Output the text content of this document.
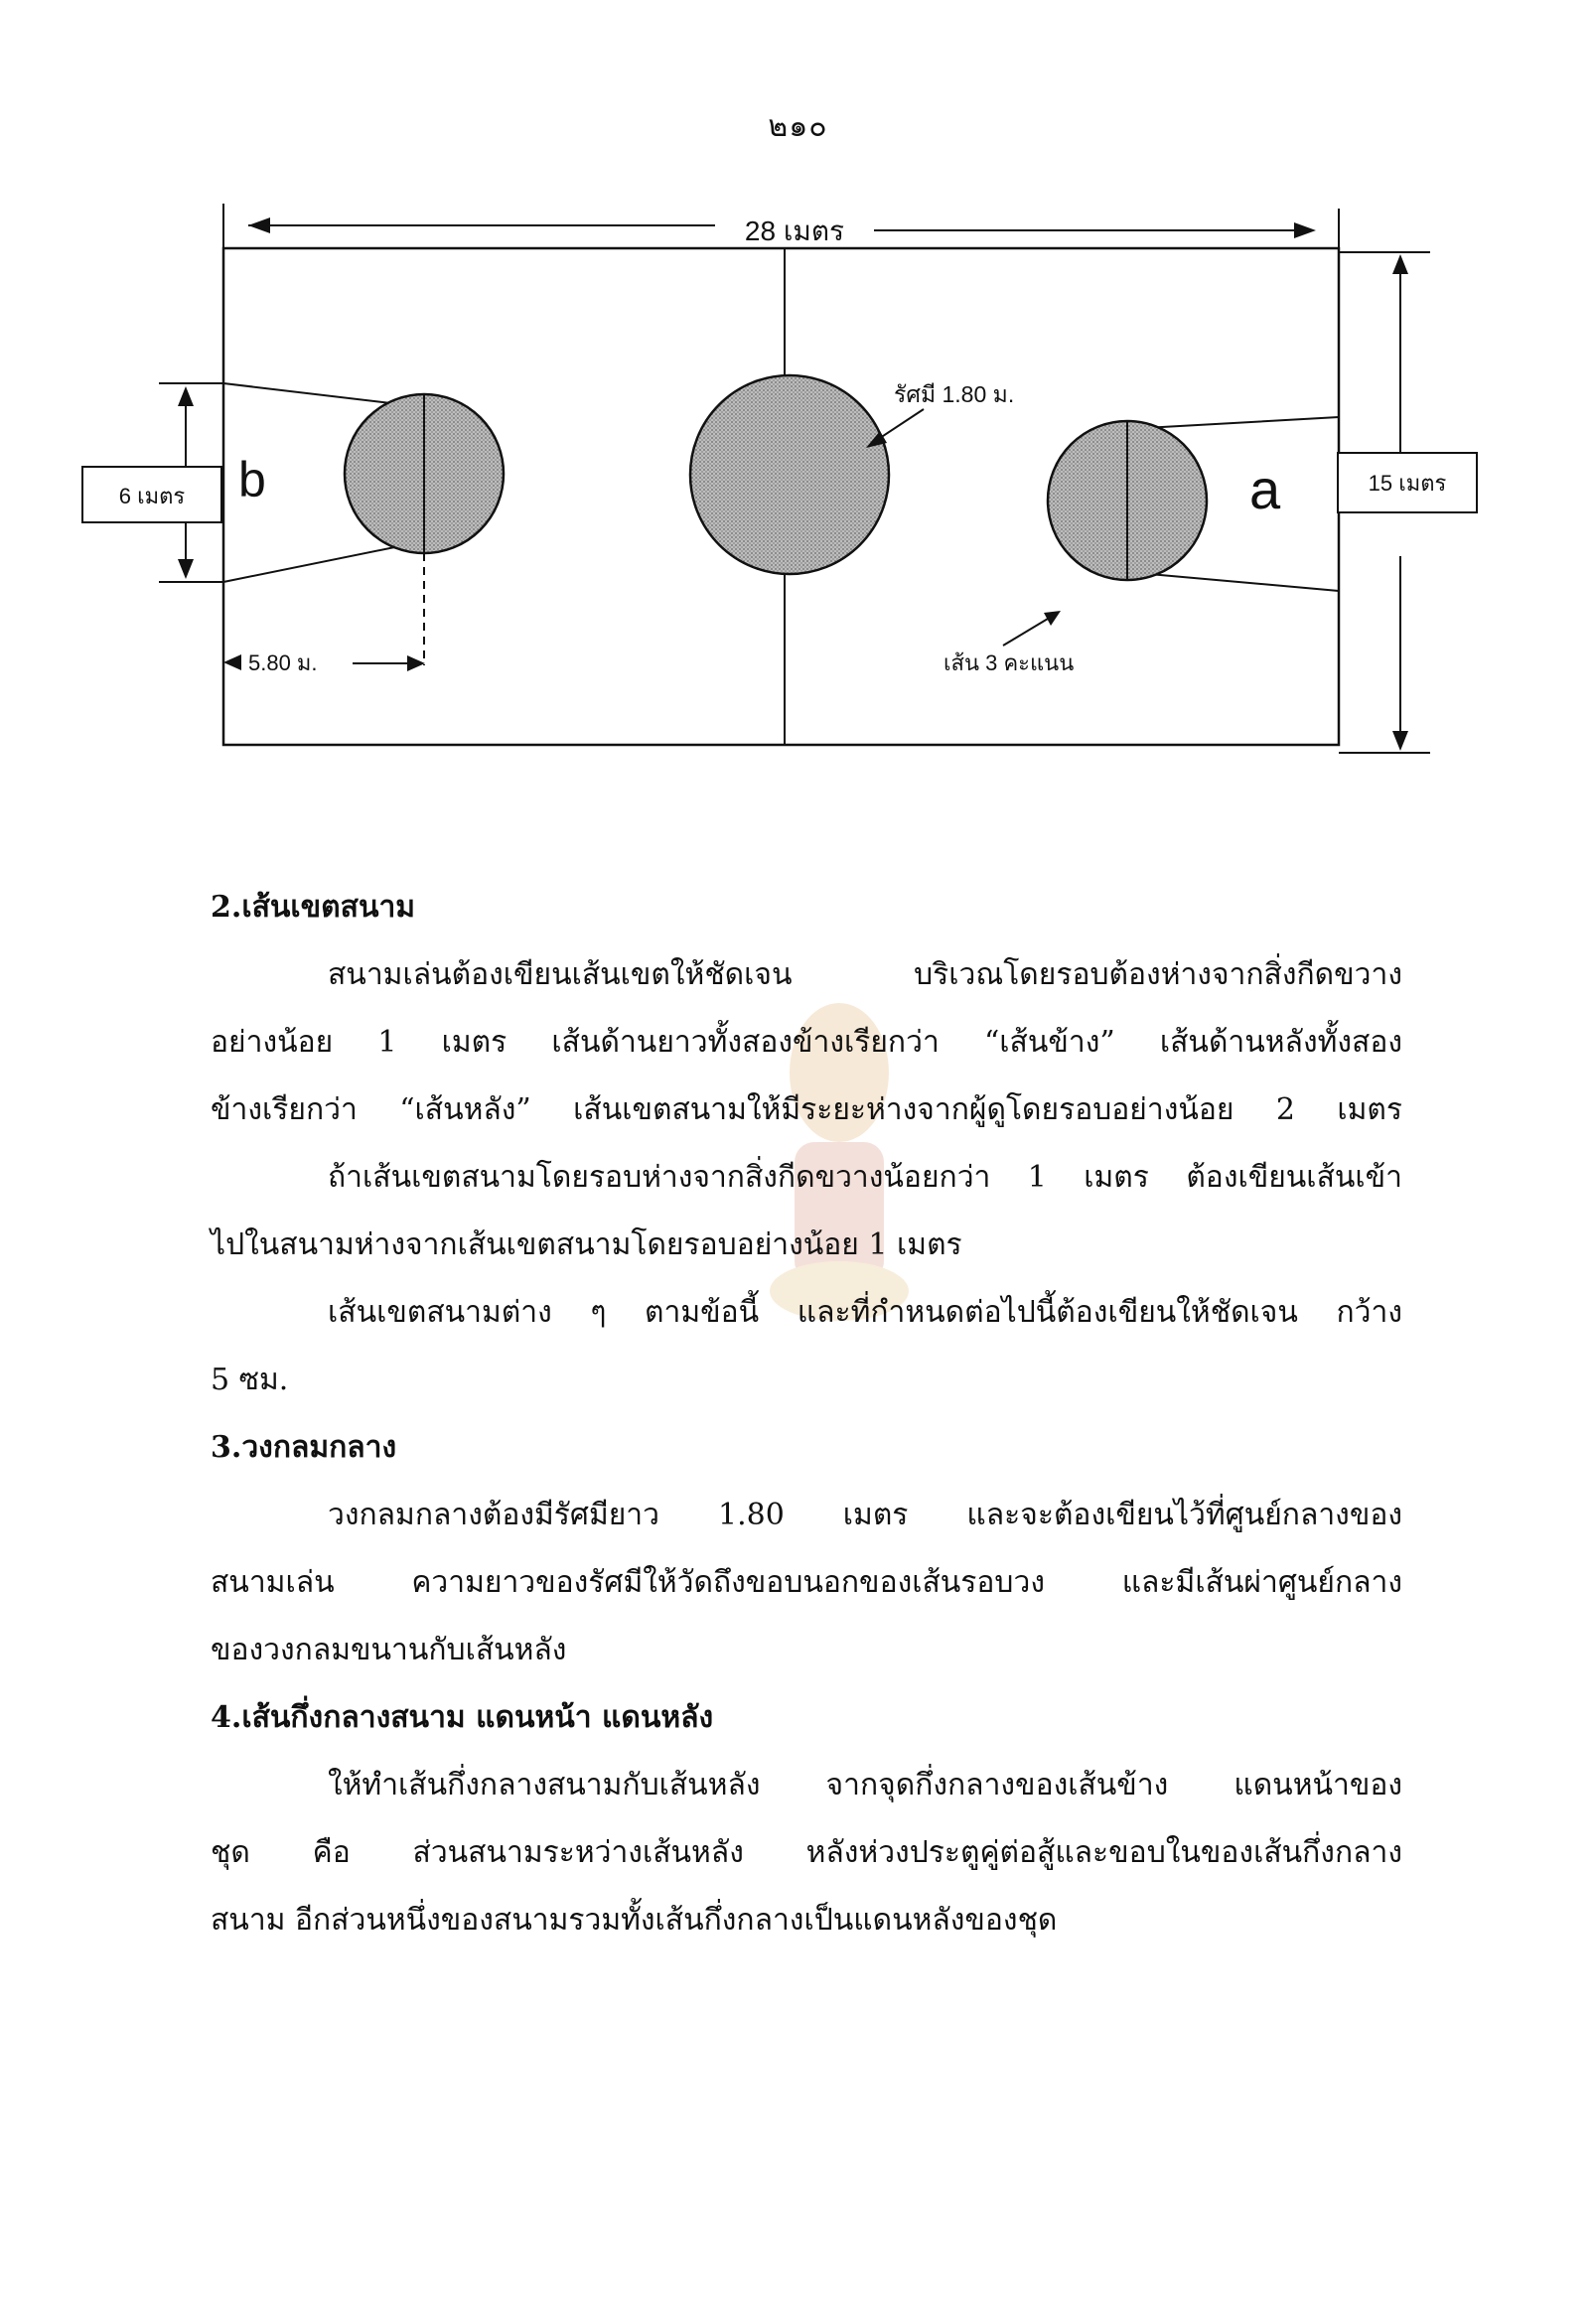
๒๑๐
28 เมตร
b	a
6 เมตร
15 เมตร
รัศมี 1.80 ม.
5.80 ม.	เส้น 3 คะแนน

2.เส้นเขตสนาม

สนามเล่นต้องเขียนเส้นเขตให้ชัดเจน บริเวณโดยรอบต้องห่างจากสิ่งกีดขวาง

อย่างน้อย 1 เมตร เส้นด้านยาวทั้งสองข้างเรียกว่า “เส้นข้าง” เส้นด้านหลังทั้งสอง

ข้างเรียกว่า “เส้นหลัง” เส้นเขตสนามให้มีระยะห่างจากผู้ดูโดยรอบอย่างน้อย 2 เมตร

ถ้าเส้นเขตสนามโดยรอบห่างจากสิ่งกีดขวางน้อยกว่า 1 เมตร ต้องเขียนเส้นเข้า

ไปในสนามห่างจากเส้นเขตสนามโดยรอบอย่างน้อย 1 เมตร

เส้นเขตสนามต่าง ๆ ตามข้อนี้ และที่กำหนดต่อไปนี้ต้องเขียนให้ชัดเจน กว้าง

5 ซม.

3.วงกลมกลาง

วงกลมกลางต้องมีรัศมียาว 1.80 เมตร และจะต้องเขียนไว้ที่ศูนย์กลางของ

สนามเล่น ความยาวของรัศมีให้วัดถึงขอบนอกของเส้นรอบวง และมีเส้นผ่าศูนย์กลาง

ของวงกลมขนานกับเส้นหลัง

4.เส้นกึ่งกลางสนาม แดนหน้า แดนหลัง

ให้ทำเส้นกึ่งกลางสนามกับเส้นหลัง จากจุดกึ่งกลางของเส้นข้าง แดนหน้าของ

ชุด คือ ส่วนสนามระหว่างเส้นหลัง หลังห่วงประตูคู่ต่อสู้และขอบในของเส้นกึ่งกลาง

สนาม อีกส่วนหนึ่งของสนามรวมทั้งเส้นกึ่งกลางเป็นแดนหลังของชุด
